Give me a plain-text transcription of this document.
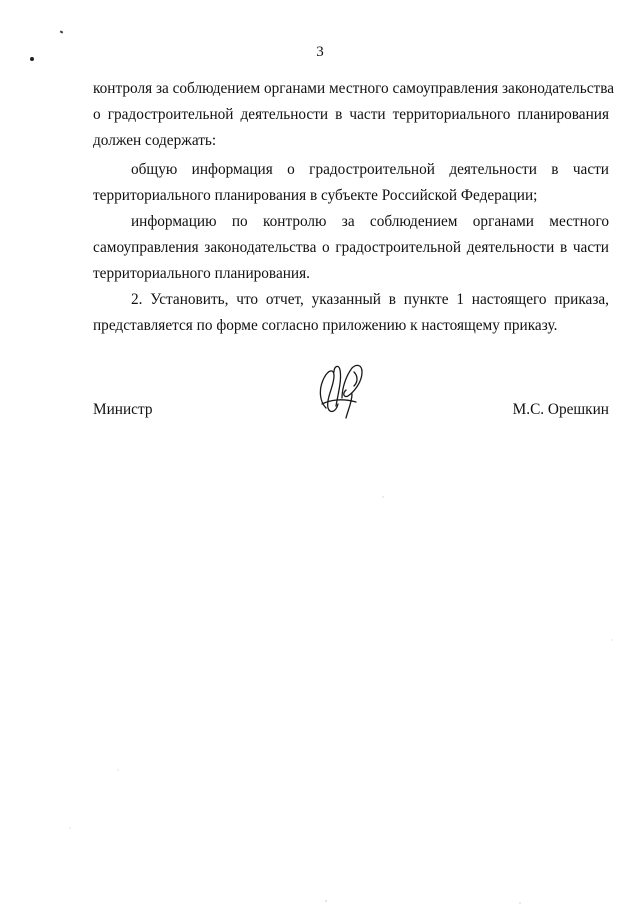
3
контроля за соблюдением органами местного самоуправления законодательства
о градостроительной деятельности в части территориального планирования
должен содержать:
общую информация о градостроительной деятельности в части
территориального планирования в субъекте Российской Федерации;
информацию по контролю за соблюдением органами местного
самоуправления законодательства о градостроительной деятельности в части
территориального планирования.
2. Установить, что отчет, указанный в пункте 1 настоящего приказа,
представляется по форме согласно приложению к настоящему приказу.
Министр	М.С. Орешкин
